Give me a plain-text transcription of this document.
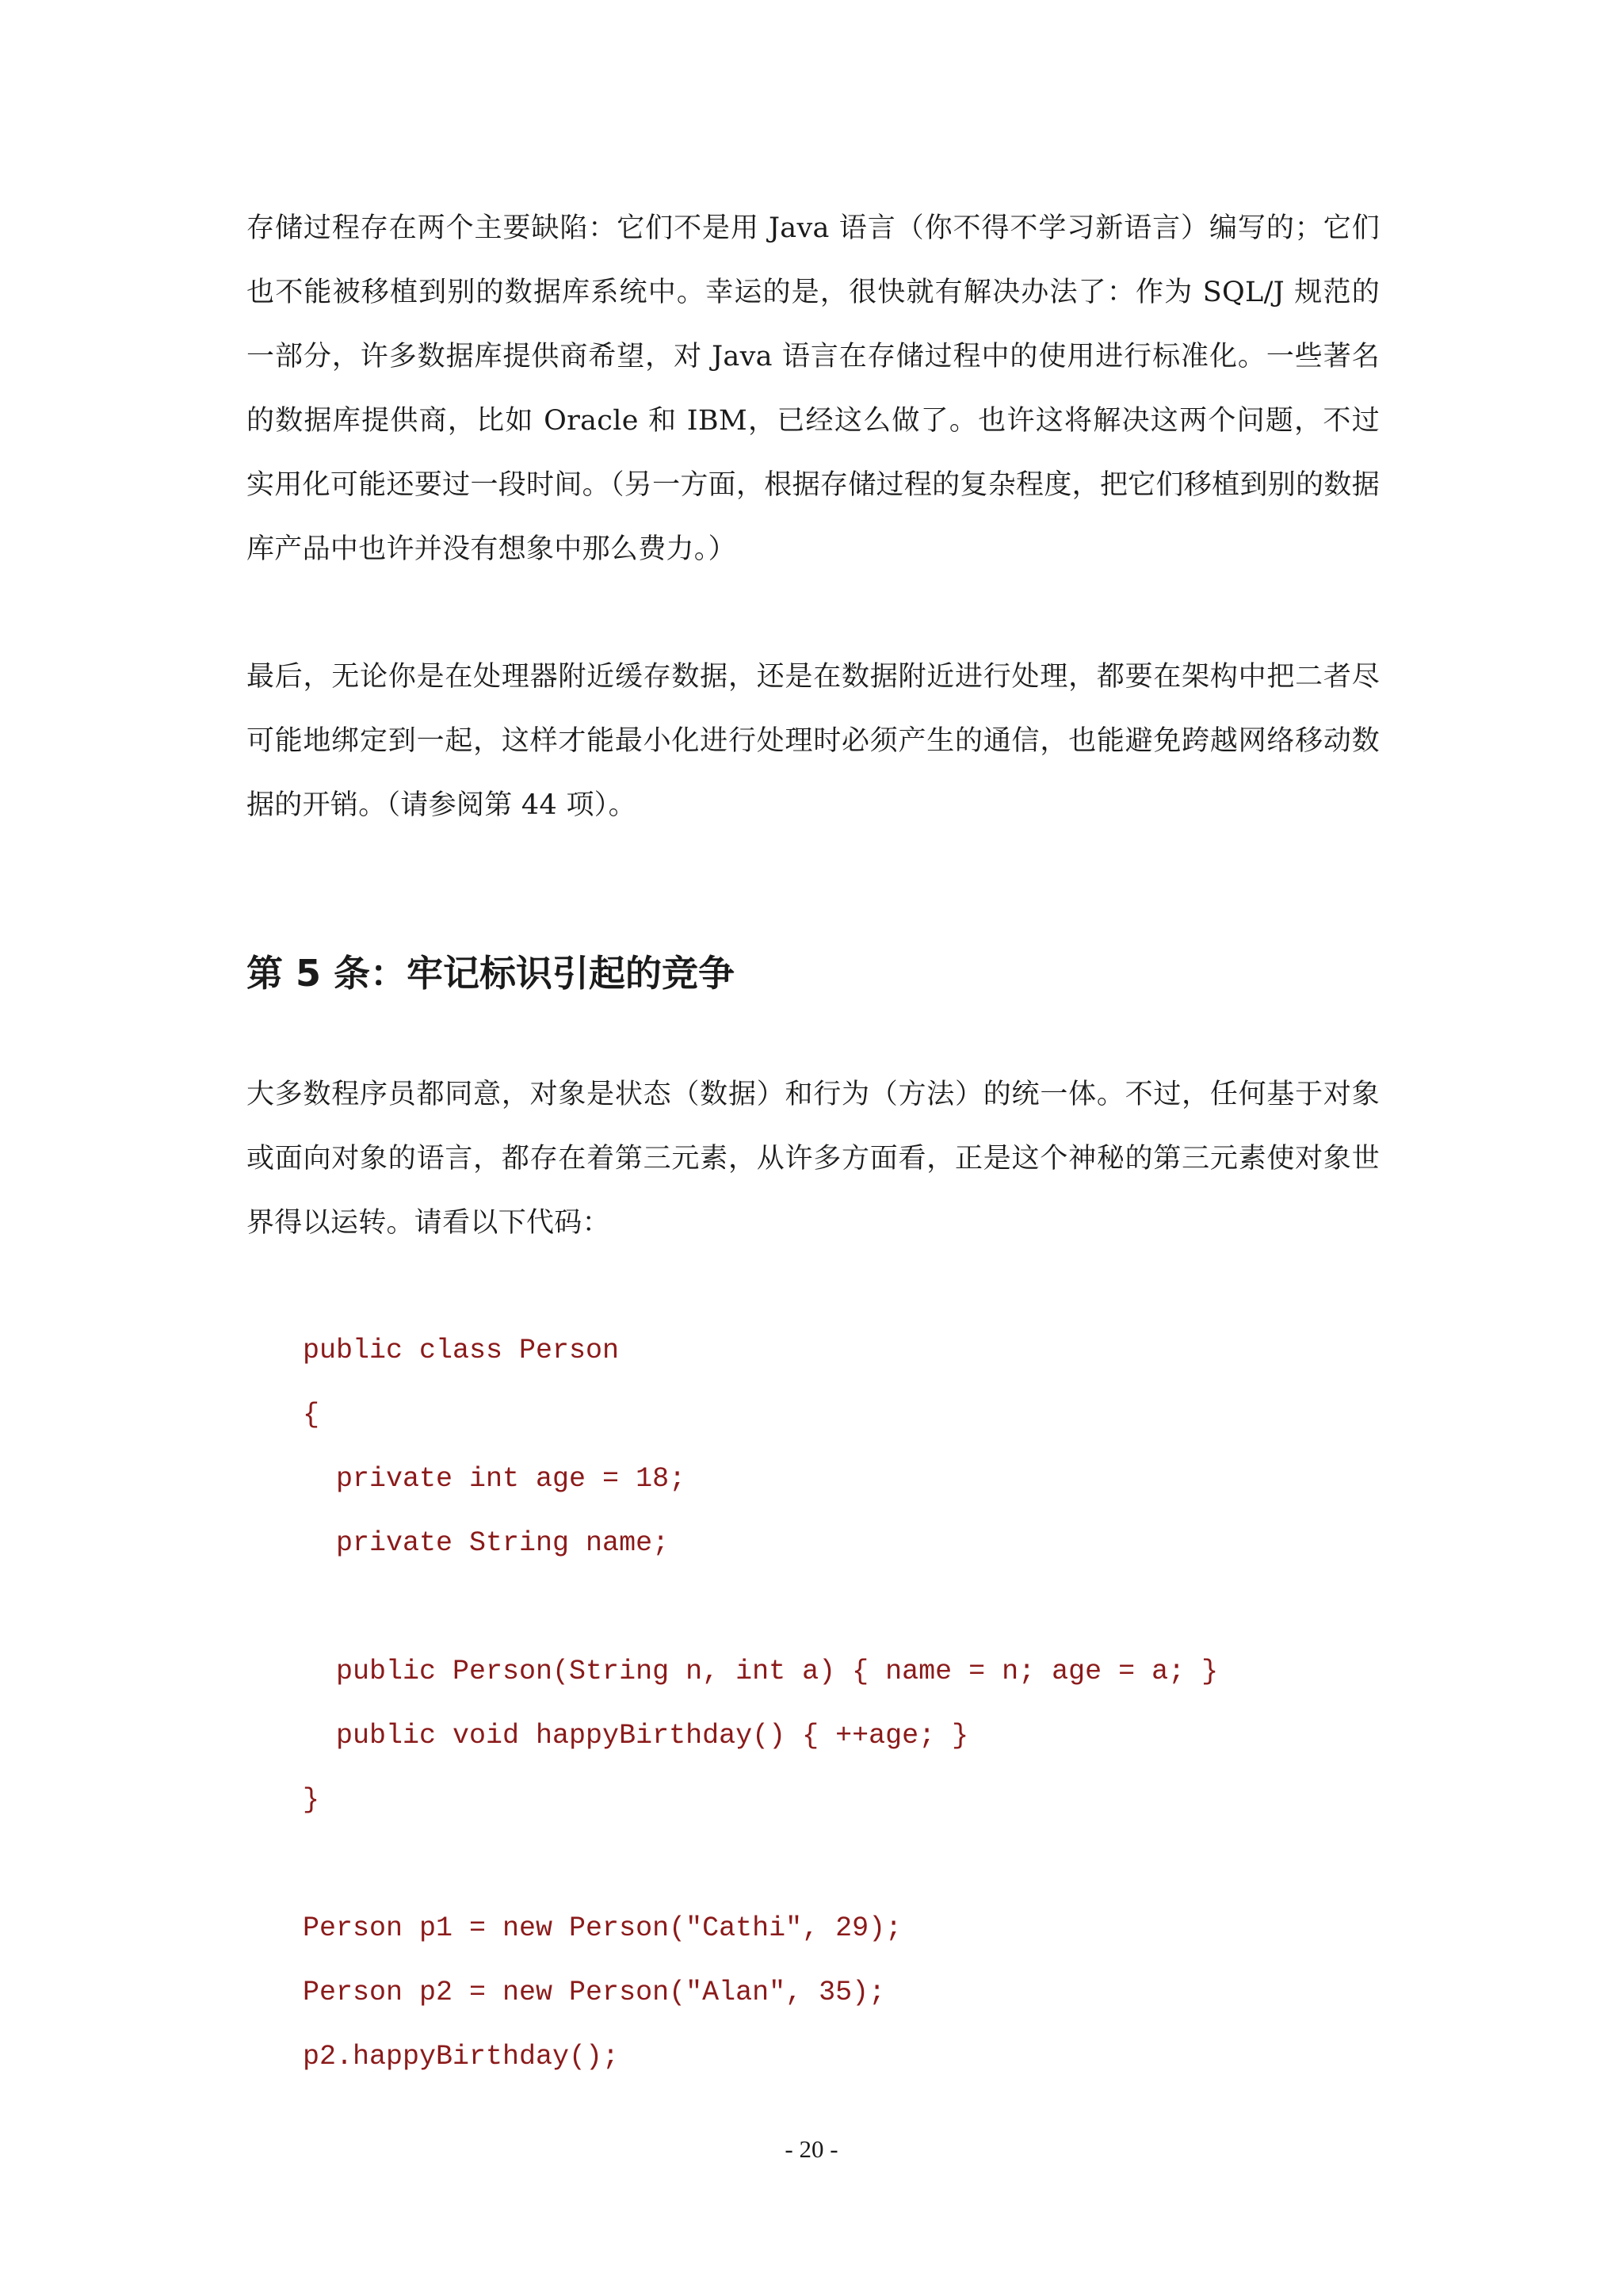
存储过程存在两个主要缺陷：它们不是用 Java 语言（你不得不学习新语言）编写的；它们也不能被移植到别的数据库系统中。幸运的是，很快就有解决办法了：作为 SQL/J 规范的一部分，许多数据库提供商希望，对 Java 语言在存储过程中的使用进行标准化。一些著名的数据库提供商，比如 Oracle 和 IBM，已经这么做了。也许这将解决这两个问题，不过实用化可能还要过一段时间。（另一方面，根据存储过程的复杂程度，把它们移植到别的数据库产品中也许并没有想象中那么费力。）

最后，无论你是在处理器附近缓存数据，还是在数据附近进行处理，都要在架构中把二者尽可能地绑定到一起，这样才能最小化进行处理时必须产生的通信，也能避免跨越网络移动数据的开销。（请参阅第 44 项）。

第 5 条：牢记标识引起的竞争

大多数程序员都同意，对象是状态（数据）和行为（方法）的统一体。不过，任何基于对象或面向对象的语言，都存在着第三元素，从许多方面看，正是这个神秘的第三元素使对象世界得以运转。请看以下代码：

public class Person
{
private int age = 18;
private String name;
public Person(String n, int a) { name = n; age = a; }
public void happyBirthday() { ++age; }
}
Person p1 = new Person("Cathi", 29);
Person p2 = new Person("Alan", 35);
p2.happyBirthday();
- 20 -
